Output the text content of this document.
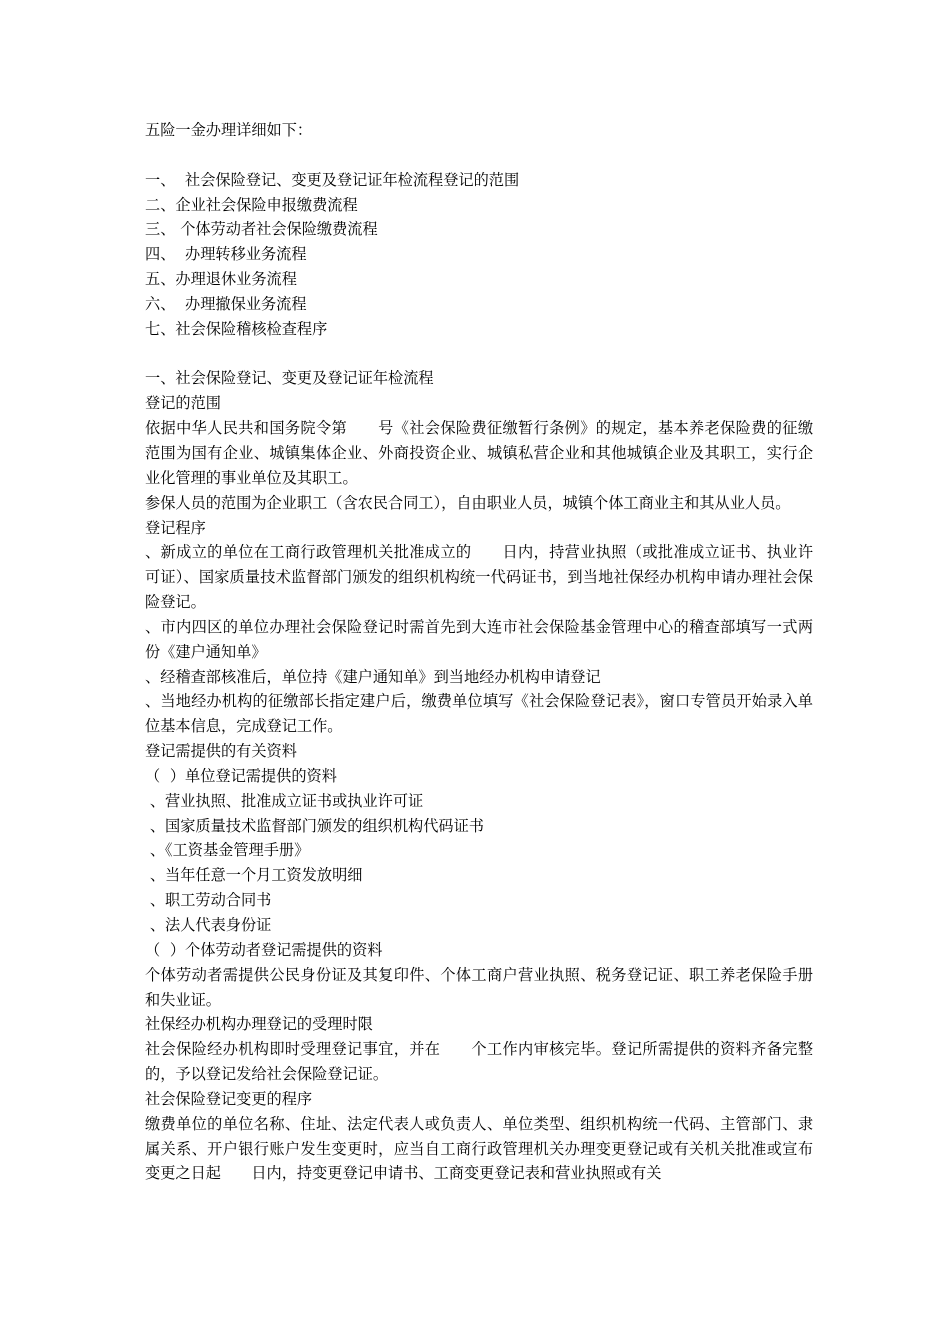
五险一金办理详细如下：
一、  社会保险登记、变更及登记证年检流程登记的范围
二、企业社会保险申报缴费流程
三、 个体劳动者社会保险缴费流程
四、  办理转移业务流程
五、办理退休业务流程
六、  办理撤保业务流程
七、社会保险稽核检查程序
一、社会保险登记、变更及登记证年检流程
登记的范围
依据中华人民共和国务院令第　　号《社会保险费征缴暂行条例》的规定，基本养老保险费的征缴范围为国有企业、城镇集体企业、外商投资企业、城镇私营企业和其他城镇企业及其职工，实行企业化管理的事业单位及其职工。
参保人员的范围为企业职工（含农民合同工），自由职业人员，城镇个体工商业主和其从业人员。
登记程序
、新成立的单位在工商行政管理机关批准成立的　　日内，持营业执照（或批准成立证书、执业许可证）、国家质量技术监督部门颁发的组织机构统一代码证书，到当地社保经办机构申请办理社会保险登记。
、市内四区的单位办理社会保险登记时需首先到大连市社会保险基金管理中心的稽查部填写一式两份《建户通知单》
、经稽查部核准后，单位持《建户通知单》到当地经办机构申请登记
、当地经办机构的征缴部长指定建户后，缴费单位填写《社会保险登记表》，窗口专管员开始录入单位基本信息，完成登记工作。
登记需提供的有关资料
（  ）单位登记需提供的资料
、营业执照、批准成立证书或执业许可证
、国家质量技术监督部门颁发的组织机构代码证书
、《工资基金管理手册》
、当年任意一个月工资发放明细
、职工劳动合同书
、法人代表身份证
（  ）个体劳动者登记需提供的资料
个体劳动者需提供公民身份证及其复印件、个体工商户营业执照、税务登记证、职工养老保险手册和失业证。
社保经办机构办理登记的受理时限
社会保险经办机构即时受理登记事宜，并在　　个工作内审核完毕。登记所需提供的资料齐备完整的，予以登记发给社会保险登记证。
社会保险登记变更的程序
缴费单位的单位名称、住址、法定代表人或负责人、单位类型、组织机构统一代码、主管部门、隶属关系、开户银行账户发生变更时，应当自工商行政管理机关办理变更登记或有关机关批准或宣布变更之日起　　日内，持变更登记申请书、工商变更登记表和营业执照或有关
